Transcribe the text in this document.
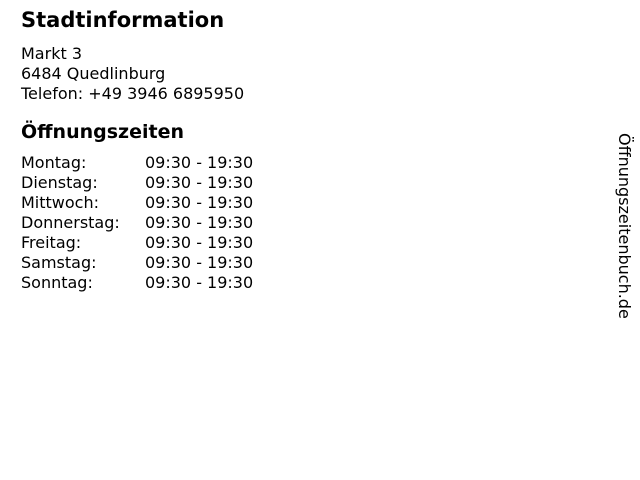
Stadtinformation
Markt 3
6484 Quedlinburg
Telefon: +49 3946 6895950
Öffnungszeiten
Montag:	09:30 - 19:30
Dienstag:	09:30 - 19:30
Mittwoch:	09:30 - 19:30
Donnerstag:	09:30 - 19:30
Freitag:	09:30 - 19:30
Samstag:	09:30 - 19:30
Sonntag:	09:30 - 19:30	Öffnungszeitenbuch.de
